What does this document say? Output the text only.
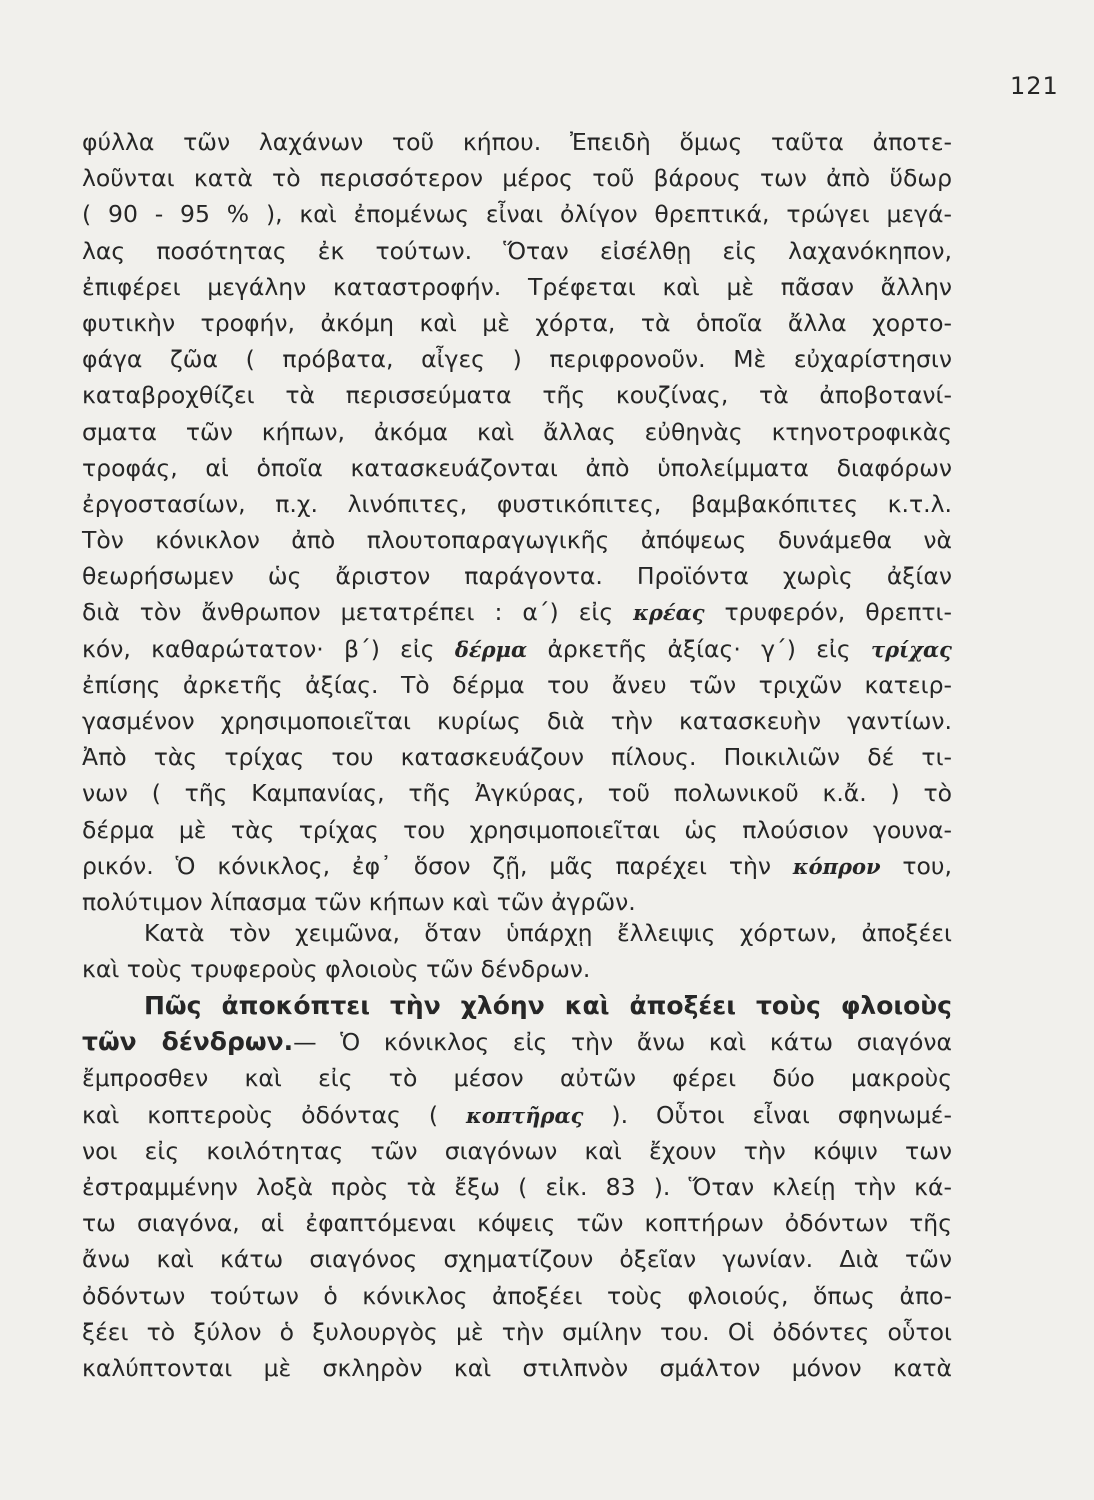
121
φύλλα τῶν λαχάνων τοῦ κήπου. Ἐπειδὴ ὅμως ταῦτα ἀποτε-
λοῦνται κατὰ τὸ περισσότερον μέρος τοῦ βάρους των ἀπὸ ὕδωρ
( 90 - 95 % ), καὶ ἐπομένως εἶναι ὀλίγον θρεπτικά, τρώγει μεγά-
λας ποσότητας ἐκ τούτων. Ὅταν εἰσέλθῃ εἰς λαχανόκηπον,
ἐπιφέρει μεγάλην καταστροφήν. Τρέφεται καὶ μὲ πᾶσαν ἄλλην
φυτικὴν τροφήν, ἀκόμη καὶ μὲ χόρτα, τὰ ὁποῖα ἄλλα χορτο-
φάγα ζῶα ( πρόβατα, αἶγες ) περιφρονοῦν. Μὲ εὐχαρίστησιν
καταβροχθίζει τὰ περισσεύματα τῆς κουζίνας, τὰ ἀποβοτανί-
σματα τῶν κήπων, ἀκόμα καὶ ἄλλας εὐθηνὰς κτηνοτροφικὰς
τροφάς, αἱ ὁποῖα κατασκευάζονται ἀπὸ ὑπολείμματα διαφόρων
ἐργοστασίων, π.χ. λινόπιτες, φυστικόπιτες, βαμβακόπιτες κ.τ.λ.
Τὸν κόνικλον ἀπὸ πλουτοπαραγωγικῆς ἀπόψεως δυνάμεθα νὰ
θεωρήσωμεν ὡς ἄριστον παράγοντα. Προϊόντα χωρὶς ἀξίαν
διὰ τὸν ἄνθρωπον μετατρέπει : α΄) εἰς κρέας τρυφερόν, θρεπτι-
κόν, καθαρώτατον· β΄) εἰς δέρμα ἀρκετῆς ἀξίας· γ΄) εἰς τρίχας
ἐπίσης ἀρκετῆς ἀξίας. Τὸ δέρμα του ἄνευ τῶν τριχῶν κατειρ-
γασμένον χρησιμοποιεῖται κυρίως διὰ τὴν κατασκευὴν γαντίων.
Ἀπὸ τὰς τρίχας του κατασκευάζουν πίλους. Ποικιλιῶν δέ τι-
νων ( τῆς Καμπανίας, τῆς Ἀγκύρας, τοῦ πολωνικοῦ κ.ἄ. ) τὸ
δέρμα μὲ τὰς τρίχας του χρησιμοποιεῖται ὡς πλούσιον γουνα-
ρικόν. Ὁ κόνικλος, ἐφ᾽ ὅσον ζῇ, μᾶς παρέχει τὴν κόπρον του,
πολύτιμον λίπασμα τῶν κήπων καὶ τῶν ἀγρῶν.
Κατὰ τὸν χειμῶνα, ὅταν ὑπάρχῃ ἔλλειψις χόρτων, ἀποξέει
καὶ τοὺς τρυφεροὺς φλοιοὺς τῶν δένδρων.
Πῶς ἀποκόπτει τὴν χλόην καὶ ἀποξέει τοὺς φλοιοὺς
τῶν δένδρων.— Ὁ κόνικλος εἰς τὴν ἄνω καὶ κάτω σιαγόνα
ἔμπροσθεν καὶ εἰς τὸ μέσον αὐτῶν φέρει δύο μακροὺς
καὶ κοπτεροὺς ὀδόντας ( κοπτῆρας ). Οὗτοι εἶναι σφηνωμέ-
νοι εἰς κοιλότητας τῶν σιαγόνων καὶ ἔχουν τὴν κόψιν των
ἐστραμμένην λοξὰ πρὸς τὰ ἔξω ( εἰκ. 83 ). Ὅταν κλείῃ τὴν κά-
τω σιαγόνα, αἱ ἐφαπτόμεναι κόψεις τῶν κοπτήρων ὀδόντων τῆς
ἄνω καὶ κάτω σιαγόνος σχηματίζουν ὀξεῖαν γωνίαν. Διὰ τῶν
ὀδόντων τούτων ὁ κόνικλος ἀποξέει τοὺς φλοιούς, ὅπως ἀπο-
ξέει τὸ ξύλον ὁ ξυλουργὸς μὲ τὴν σμίλην του. Οἱ ὀδόντες οὗτοι
καλύπτονται μὲ σκληρὸν καὶ στιλπνὸν σμάλτον μόνον κατὰ
